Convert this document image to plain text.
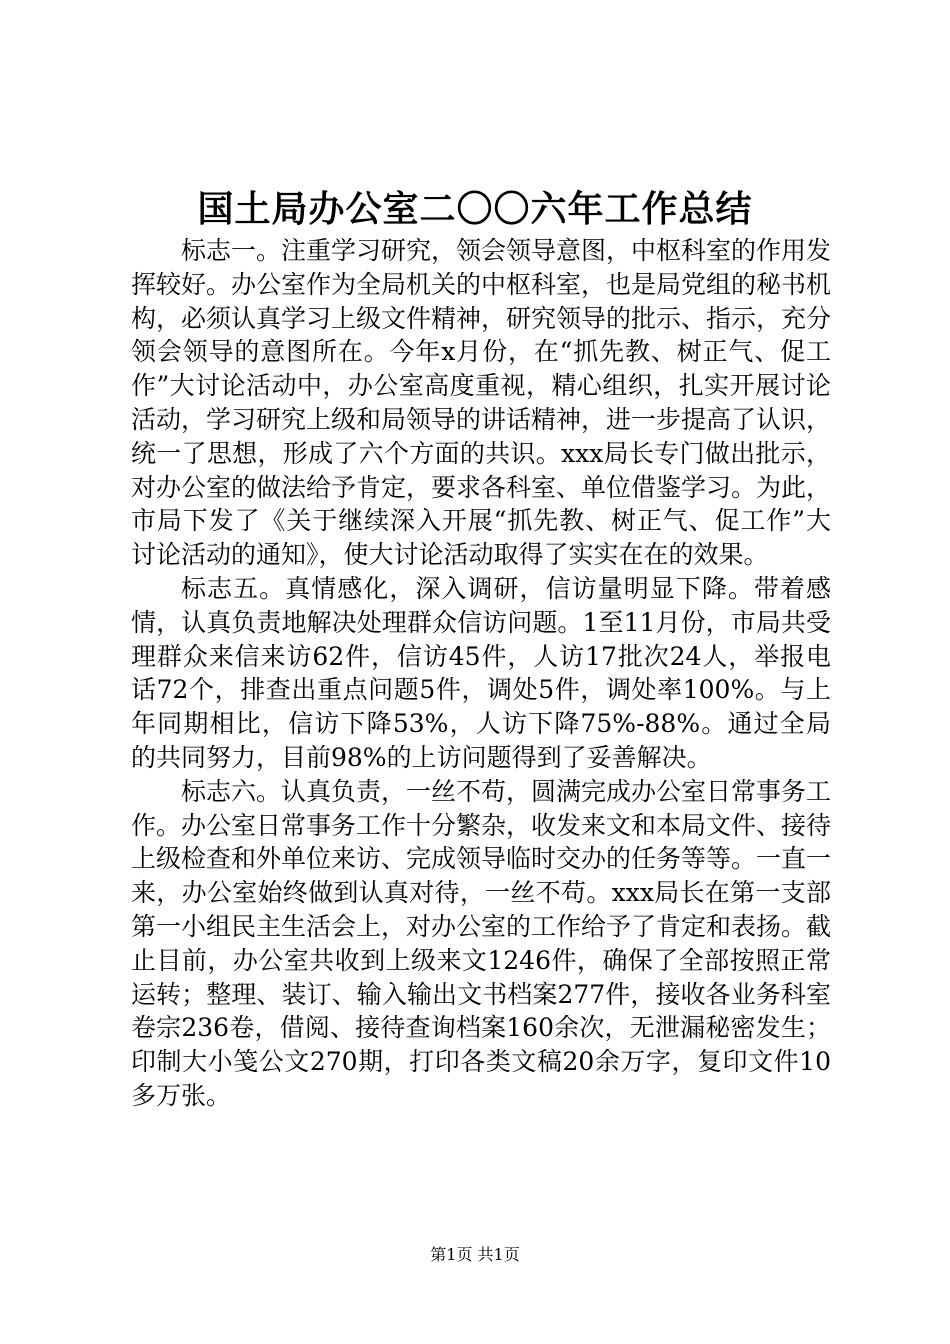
国土局办公室二〇〇六年工作总结

标志一。注重学习研究，领会领导意图，中枢科室的作用发挥较好。办公室作为全局机关的中枢科室，也是局党组的秘书机构，必须认真学习上级文件精神，研究领导的批示、指示，充分领会领导的意图所在。今年x月份，在“抓先教、树正气、促工作”大讨论活动中，办公室高度重视，精心组织，扎实开展讨论活动，学习研究上级和局领导的讲话精神，进一步提高了认识，统一了思想，形成了六个方面的共识。xxx局长专门做出批示，对办公室的做法给予肯定，要求各科室、单位借鉴学习。为此，市局下发了《关于继续深入开展“抓先教、树正气、促工作”大讨论活动的通知》，使大讨论活动取得了实实在在的效果。

标志五。真情感化，深入调研，信访量明显下降。带着感情，认真负责地解决处理群众信访问题。1至11月份，市局共受理群众来信来访62件，信访45件，人访17批次24人，举报电话72个，排查出重点问题5件，调处5件，调处率100%。与上年同期相比，信访下降53%，人访下降75%-88%。通过全局的共同努力，目前98%的上访问题得到了妥善解决。

标志六。认真负责，一丝不苟，圆满完成办公室日常事务工作。办公室日常事务工作十分繁杂，收发来文和本局文件、接待上级检查和外单位来访、完成领导临时交办的任务等等。一直一来，办公室始终做到认真对待，一丝不苟。xxx局长在第一支部第一小组民主生活会上，对办公室的工作给予了肯定和表扬。截止目前，办公室共收到上级来文1246件，确保了全部按照正常运转；整理、装订、输入输出文书档案277件，接收各业务科室卷宗236卷，借阅、接待查询档案160余次，无泄漏秘密发生；印制大小笺公文270期，打印各类文稿20余万字，复印文件10多万张。

第1页 共1页
